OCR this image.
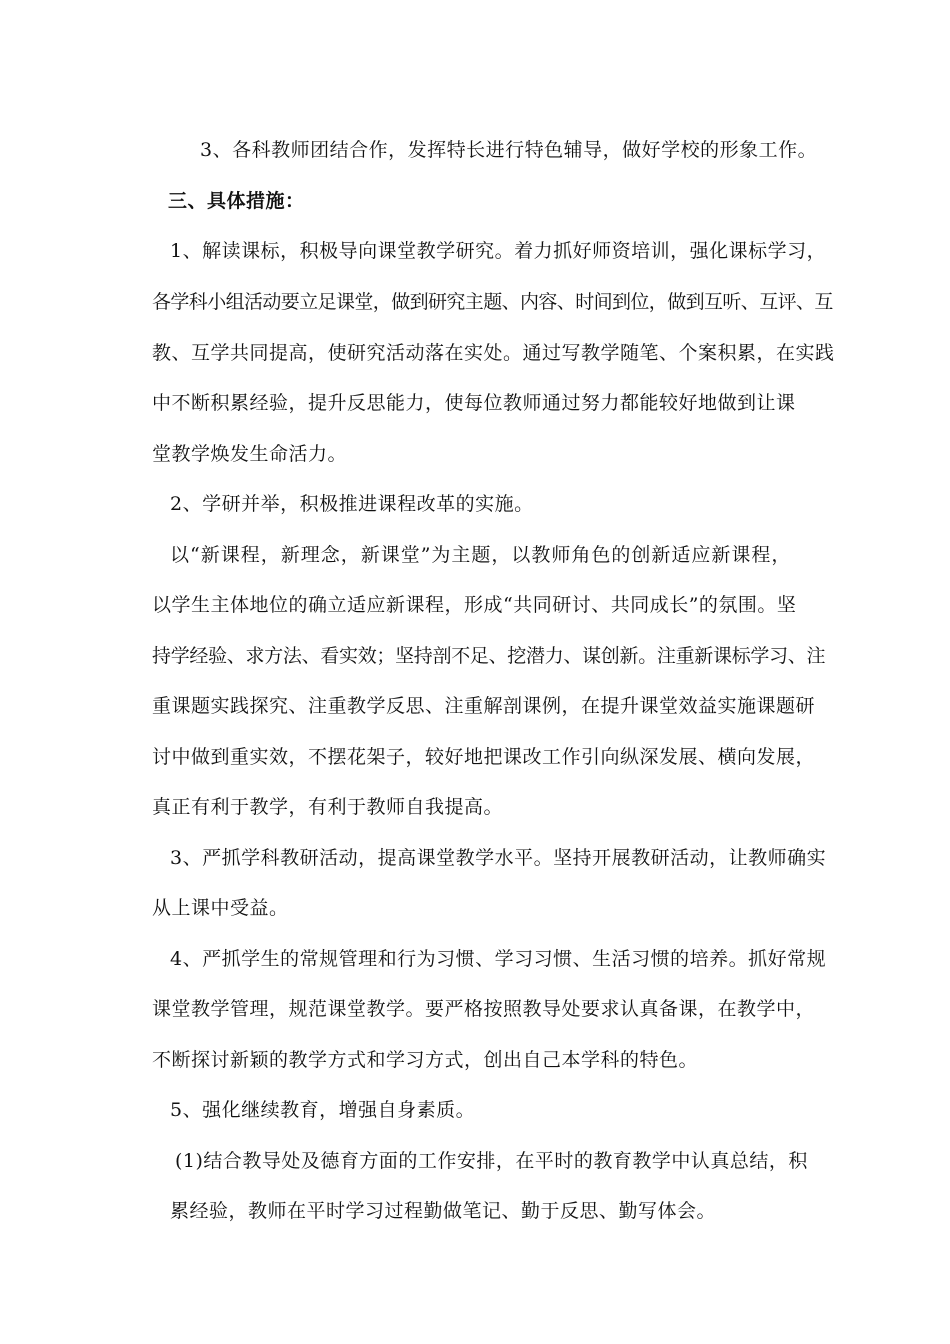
3、各科教师团结合作，发挥特长进行特色辅导，做好学校的形象工作。
三、具体措施：
1、解读课标，积极导向课堂教学研究。着力抓好师资培训，强化课标学习，
各学科小组活动要立足课堂，做到研究主题、内容、时间到位，做到互听、互评、互
教、互学共同提高，使研究活动落在实处。通过写教学随笔、个案积累，在实践
中不断积累经验，提升反思能力，使每位教师通过努力都能较好地做到让课
堂教学焕发生命活力。
2、学研并举，积极推进课程改革的实施。
以“新课程，新理念，新课堂”为主题，以教师角色的创新适应新课程，
以学生主体地位的确立适应新课程，形成“共同研讨、共同成长”的氛围。坚
持学经验、求方法、看实效；坚持剖不足、挖潜力、谋创新。注重新课标学习、注
重课题实践探究、注重教学反思、注重解剖课例，在提升课堂效益实施课题研
讨中做到重实效，不摆花架子，较好地把课改工作引向纵深发展、横向发展，
真正有利于教学，有利于教师自我提高。
3、严抓学科教研活动，提高课堂教学水平。坚持开展教研活动，让教师确实
从上课中受益。
4、严抓学生的常规管理和行为习惯、学习习惯、生活习惯的培养。抓好常规
课堂教学管理，规范课堂教学。要严格按照教导处要求认真备课，在教学中，
不断探讨新颖的教学方式和学习方式，创出自己本学科的特色。
5、强化继续教育，增强自身素质。
(1)结合教导处及德育方面的工作安排，在平时的教育教学中认真总结，积
累经验，教师在平时学习过程勤做笔记、勤于反思、勤写体会。
